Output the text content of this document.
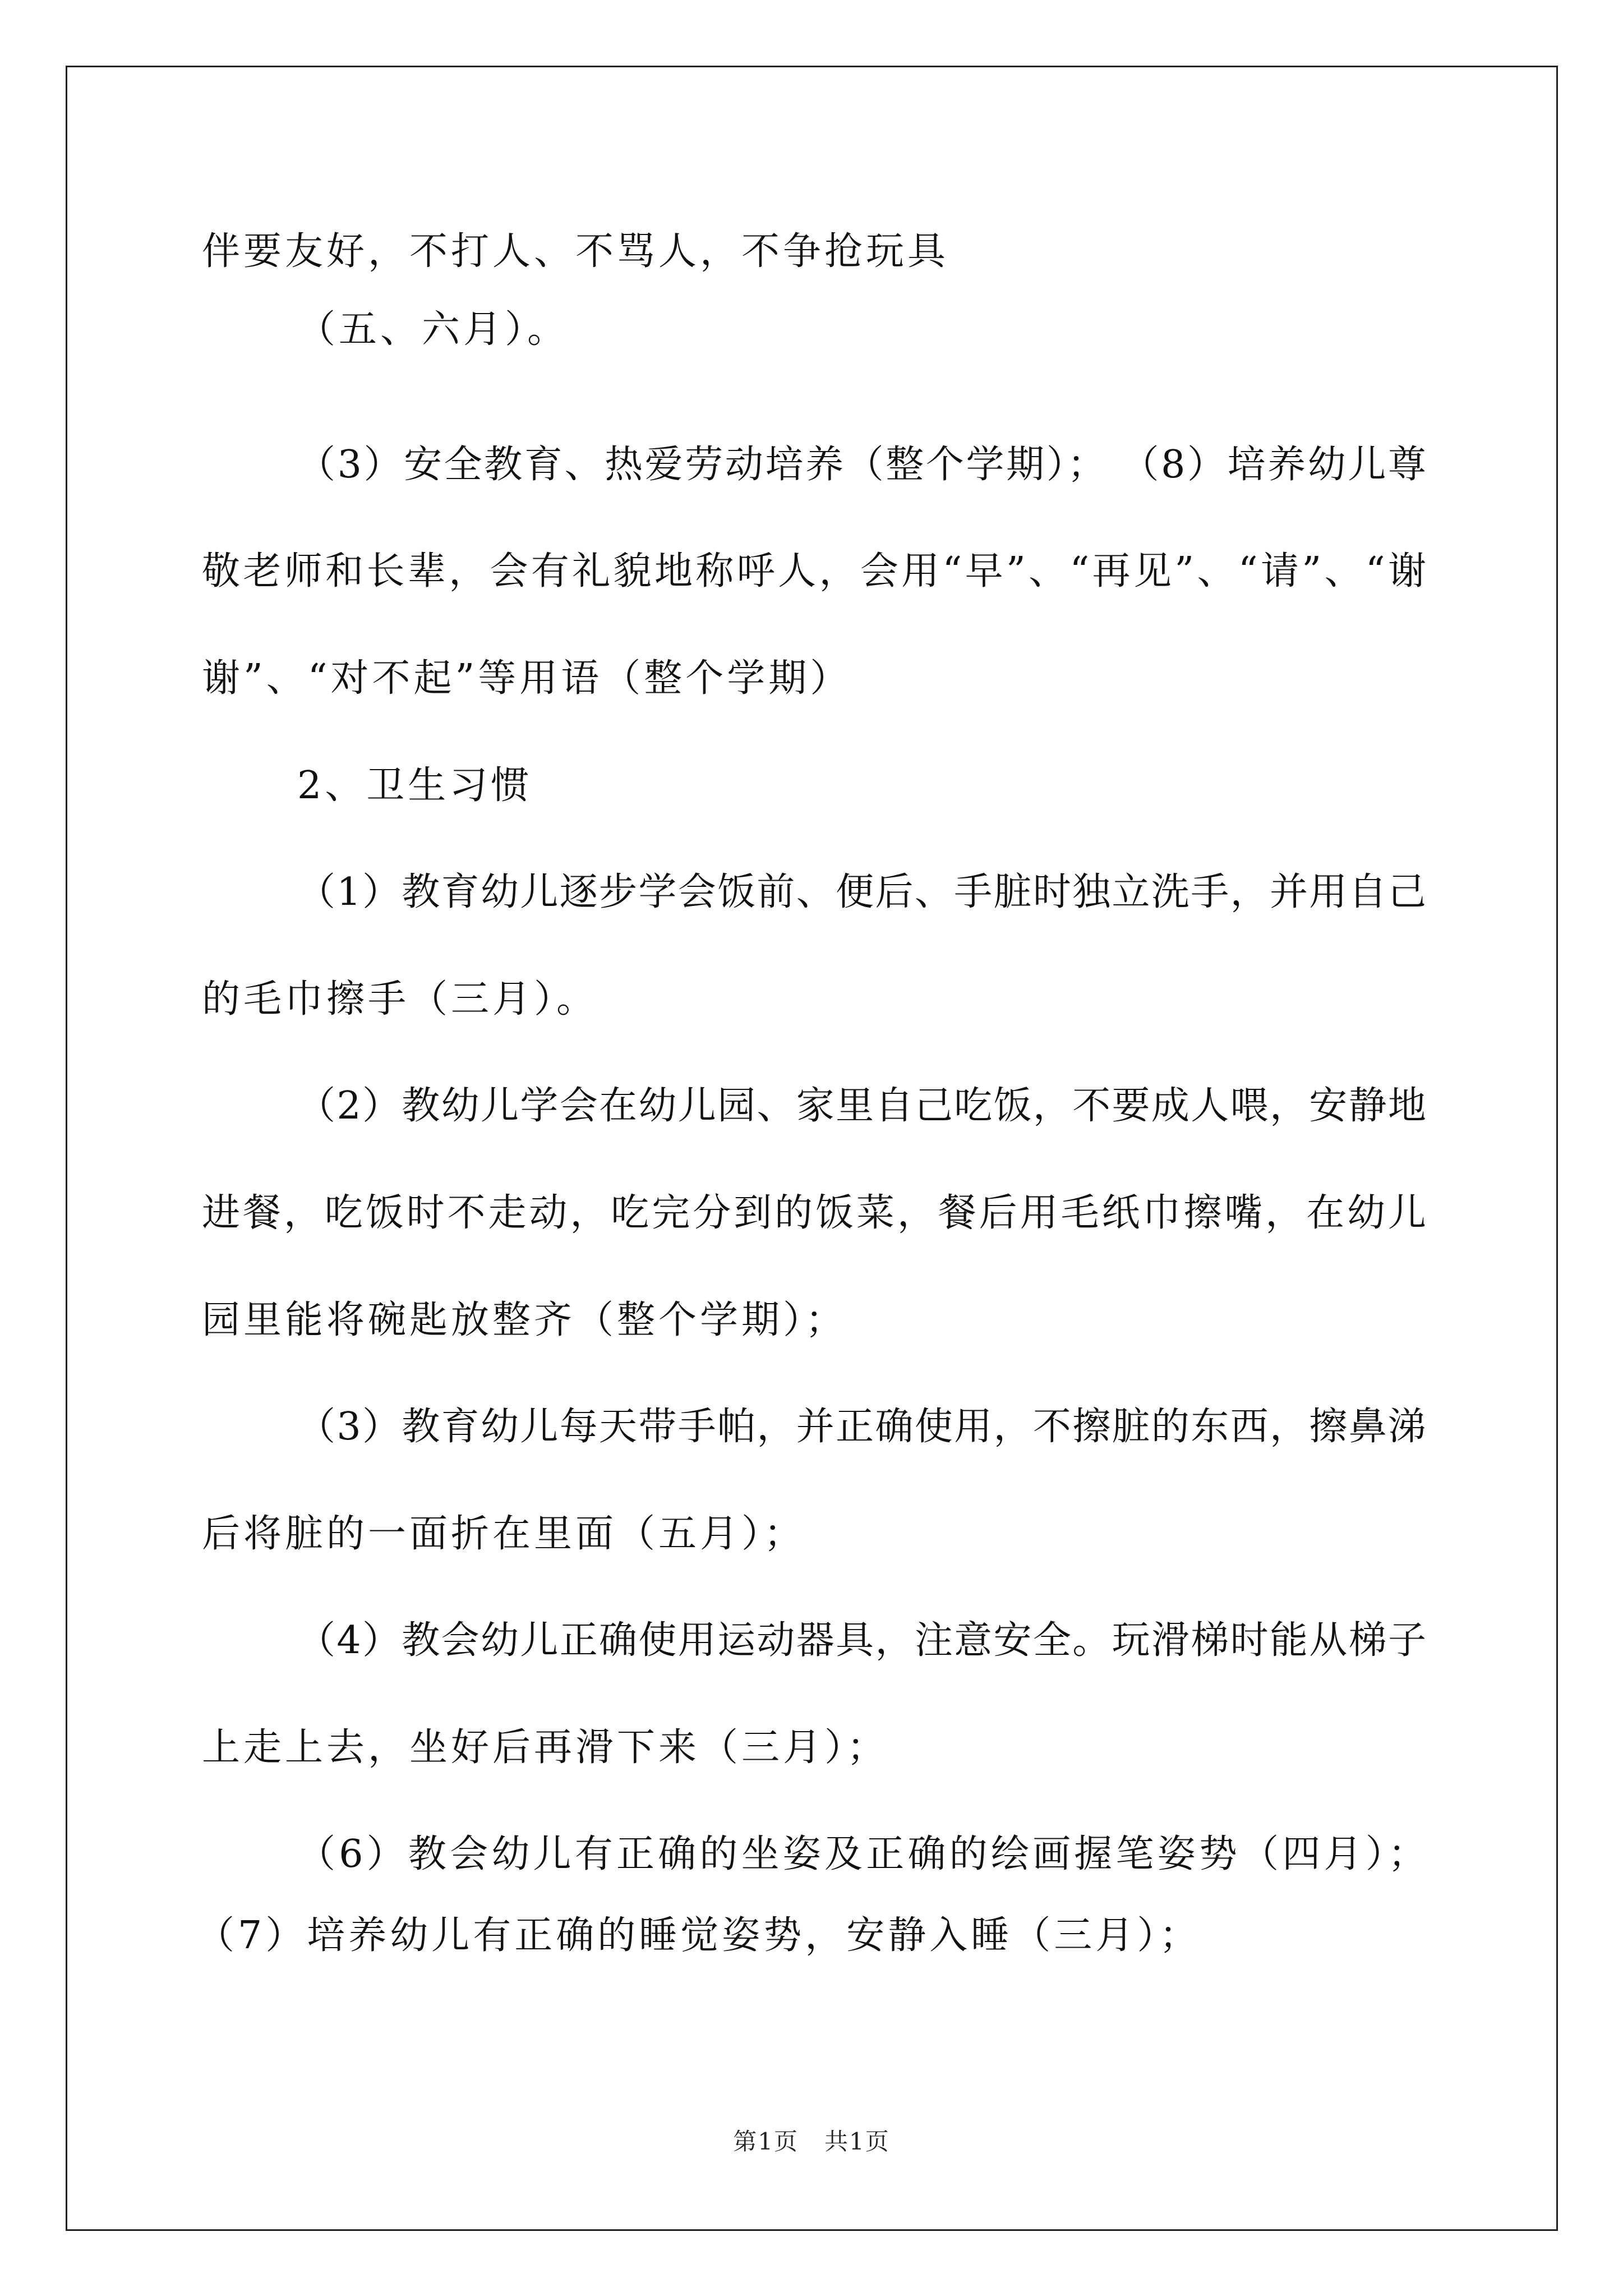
伴要友好，不打人、不骂人，不争抢玩具
（五、六月）。
（3）安全教育、热爱劳动培养（整个学期）； （8）培养幼儿尊
敬老师和长辈，会有礼貌地称呼人，会用“早”、“再见”、“请”、“谢
谢”、“对不起”等用语（整个学期）
2、卫生习惯
（1）教育幼儿逐步学会饭前、便后、手脏时独立洗手，并用自己
的毛巾擦手（三月）。
（2）教幼儿学会在幼儿园、家里自己吃饭，不要成人喂，安静地
进餐，吃饭时不走动，吃完分到的饭菜，餐后用毛纸巾擦嘴，在幼儿
园里能将碗匙放整齐（整个学期）；
（3）教育幼儿每天带手帕，并正确使用，不擦脏的东西，擦鼻涕
后将脏的一面折在里面（五月）；
（4）教会幼儿正确使用运动器具，注意安全。玩滑梯时能从梯子
上走上去，坐好后再滑下来（三月）；
（6）教会幼儿有正确的坐姿及正确的绘画握笔姿势（四月）；
（7）培养幼儿有正确的睡觉姿势，安静入睡（三月）；
第1页 共1页
